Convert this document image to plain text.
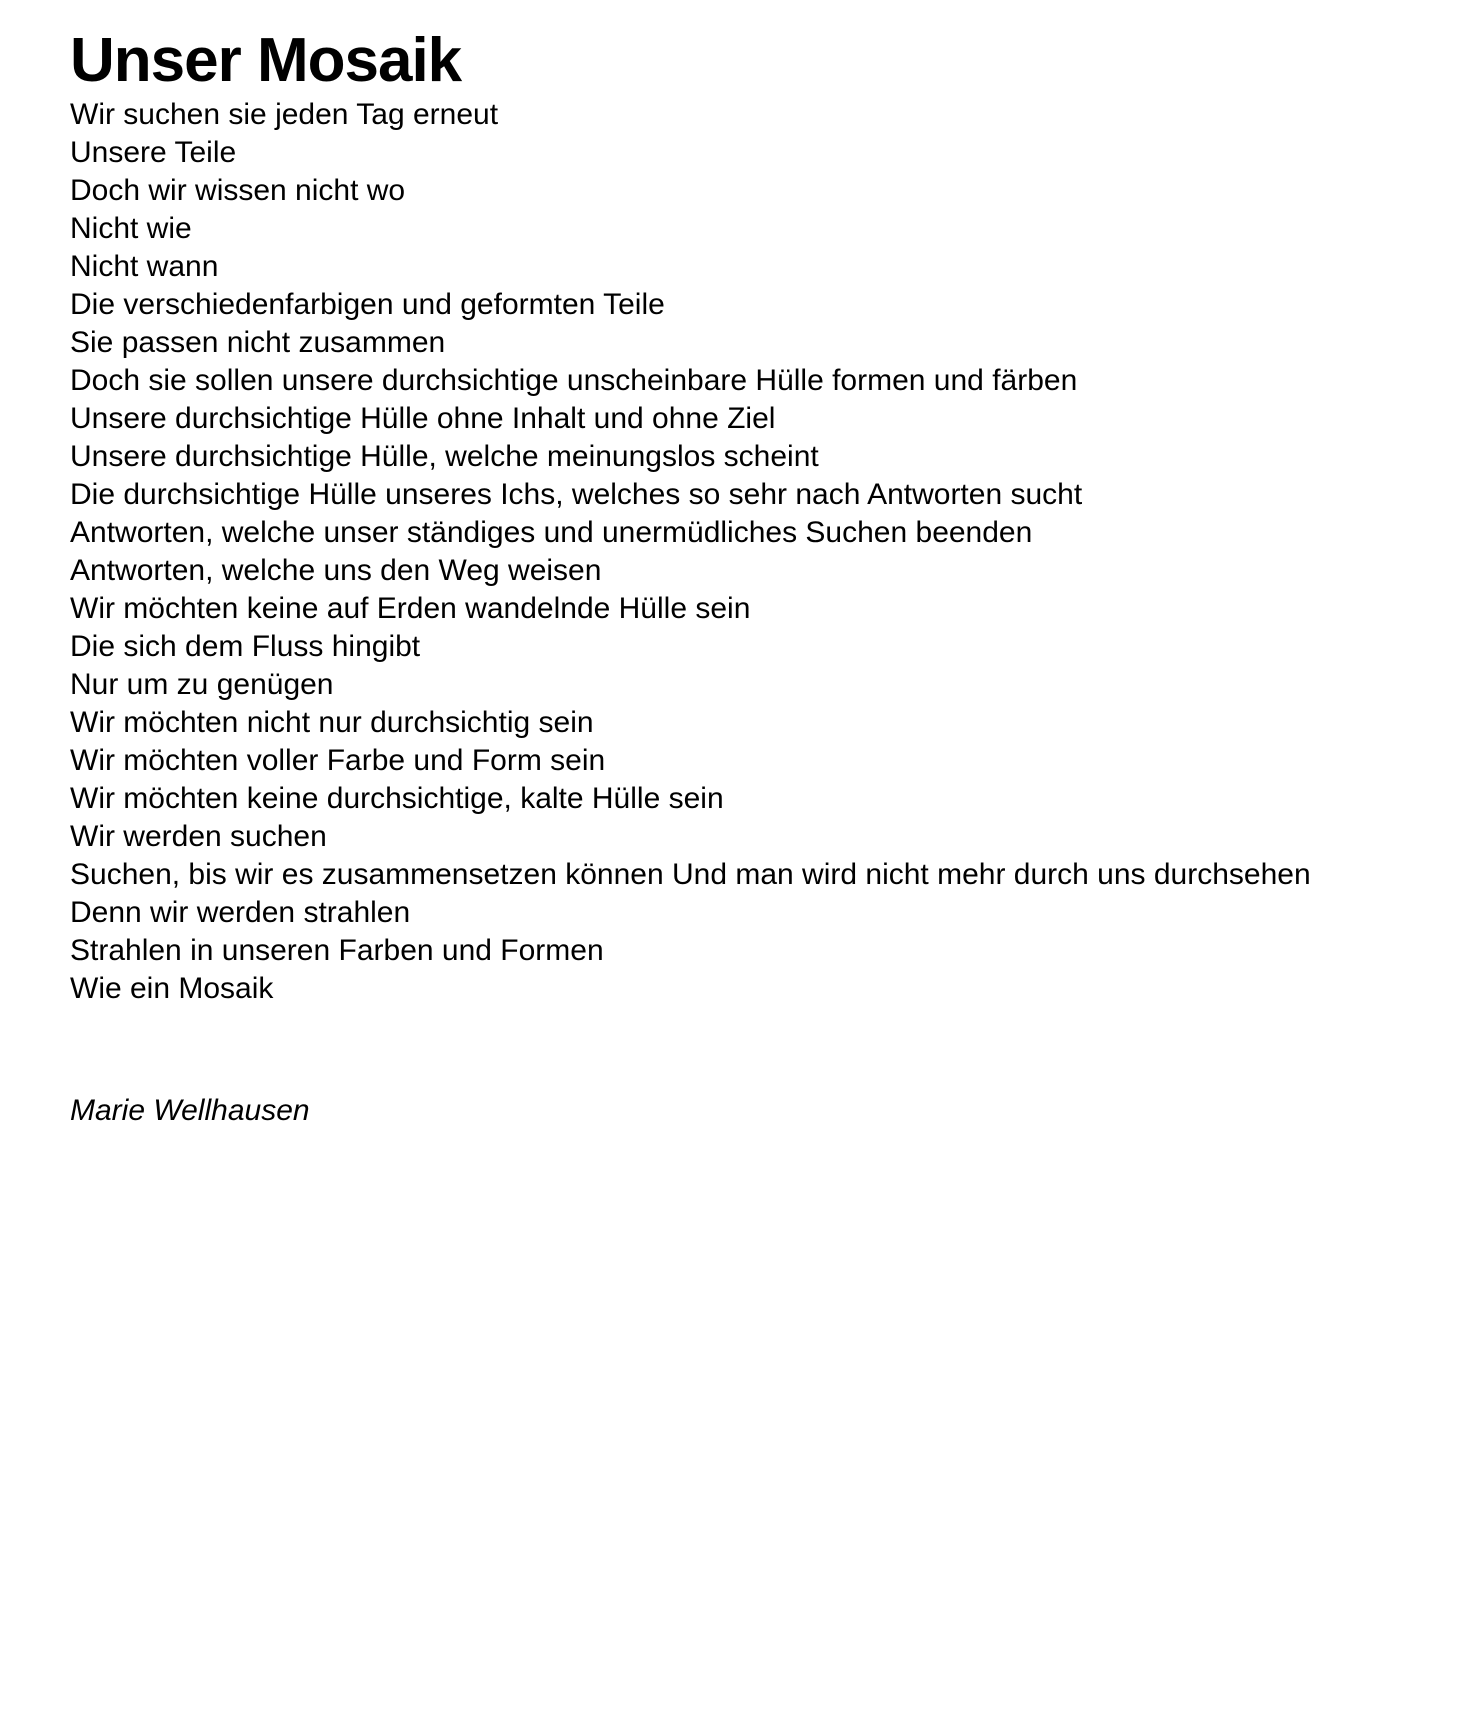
Unser Mosaik

Wir suchen sie jeden Tag erneut
Unsere Teile
Doch wir wissen nicht wo
Nicht wie
Nicht wann

Die verschiedenfarbigen und geformten Teile
Sie passen nicht zusammen

Doch sie sollen unsere durchsichtige unscheinbare Hülle formen und färben

Unsere durchsichtige Hülle ohne Inhalt und ohne Ziel
Unsere durchsichtige Hülle, welche meinungslos scheint
Die durchsichtige Hülle unseres Ichs, welches so sehr nach Antworten sucht

Antworten, welche unser ständiges und unermüdliches Suchen beenden
Antworten, welche uns den Weg weisen

Wir möchten keine auf Erden wandelnde Hülle sein
Die sich dem Fluss hingibt
Nur um zu genügen

Wir möchten nicht nur durchsichtig sein
Wir möchten voller Farbe und Form sein
Wir möchten keine durchsichtige, kalte Hülle sein

Wir werden suchen

Suchen, bis wir es zusammensetzen können Und man wird nicht mehr durch uns durchsehen

Denn wir werden strahlen
Strahlen in unseren Farben und Formen
Wie ein Mosaik

Marie Wellhausen
